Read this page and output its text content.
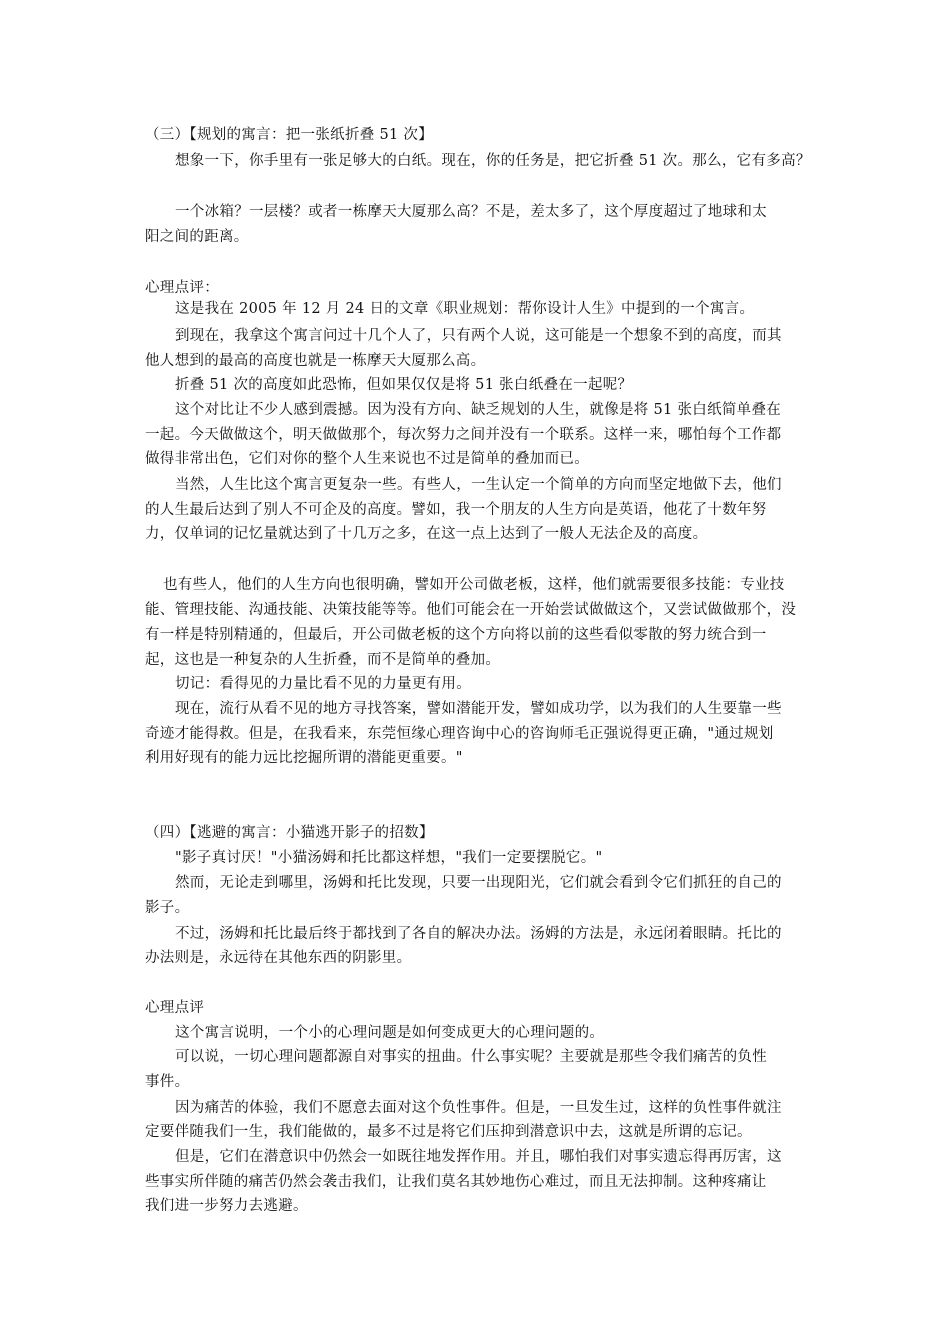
（三）【规划的寓言：把一张纸折叠 51 次】
想象一下，你手里有一张足够大的白纸。现在，你的任务是，把它折叠 51 次。那么，它有多高？
一个冰箱？一层楼？或者一栋摩天大厦那么高？不是，差太多了，这个厚度超过了地球和太
阳之间的距离。
心理点评：
这是我在 2005 年 12 月 24 日的文章《职业规划：帮你设计人生》中提到的一个寓言。
到现在，我拿这个寓言问过十几个人了，只有两个人说，这可能是一个想象不到的高度，而其
他人想到的最高的高度也就是一栋摩天大厦那么高。
折叠 51 次的高度如此恐怖，但如果仅仅是将 51 张白纸叠在一起呢？
这个对比让不少人感到震撼。因为没有方向、缺乏规划的人生，就像是将 51 张白纸简单叠在
一起。今天做做这个，明天做做那个，每次努力之间并没有一个联系。这样一来，哪怕每个工作都
做得非常出色，它们对你的整个人生来说也不过是简单的叠加而已。
当然，人生比这个寓言更复杂一些。有些人，一生认定一个简单的方向而坚定地做下去，他们
的人生最后达到了别人不可企及的高度。譬如，我一个朋友的人生方向是英语，他花了十数年努
力，仅单词的记忆量就达到了十几万之多，在这一点上达到了一般人无法企及的高度。
也有些人，他们的人生方向也很明确，譬如开公司做老板，这样，他们就需要很多技能：专业技
能、管理技能、沟通技能、决策技能等等。他们可能会在一开始尝试做做这个，又尝试做做那个，没
有一样是特别精通的，但最后，开公司做老板的这个方向将以前的这些看似零散的努力统合到一
起，这也是一种复杂的人生折叠，而不是简单的叠加。
切记：看得见的力量比看不见的力量更有用。
现在，流行从看不见的地方寻找答案，譬如潜能开发，譬如成功学，以为我们的人生要靠一些
奇迹才能得救。但是，在我看来，东莞恒缘心理咨询中心的咨询师毛正强说得更正确，"通过规划
利用好现有的能力远比挖掘所谓的潜能更重要。"
（四）【逃避的寓言：小猫逃开影子的招数】
"影子真讨厌！"小猫汤姆和托比都这样想，"我们一定要摆脱它。"
然而，无论走到哪里，汤姆和托比发现，只要一出现阳光，它们就会看到令它们抓狂的自己的
影子。
不过，汤姆和托比最后终于都找到了各自的解决办法。汤姆的方法是，永远闭着眼睛。托比的
办法则是，永远待在其他东西的阴影里。
心理点评
这个寓言说明，一个小的心理问题是如何变成更大的心理问题的。
可以说，一切心理问题都源自对事实的扭曲。什么事实呢？主要就是那些令我们痛苦的负性
事件。
因为痛苦的体验，我们不愿意去面对这个负性事件。但是，一旦发生过，这样的负性事件就注
定要伴随我们一生，我们能做的，最多不过是将它们压抑到潜意识中去，这就是所谓的忘记。
但是，它们在潜意识中仍然会一如既往地发挥作用。并且，哪怕我们对事实遗忘得再厉害，这
些事实所伴随的痛苦仍然会袭击我们，让我们莫名其妙地伤心难过，而且无法抑制。这种疼痛让
我们进一步努力去逃避。
